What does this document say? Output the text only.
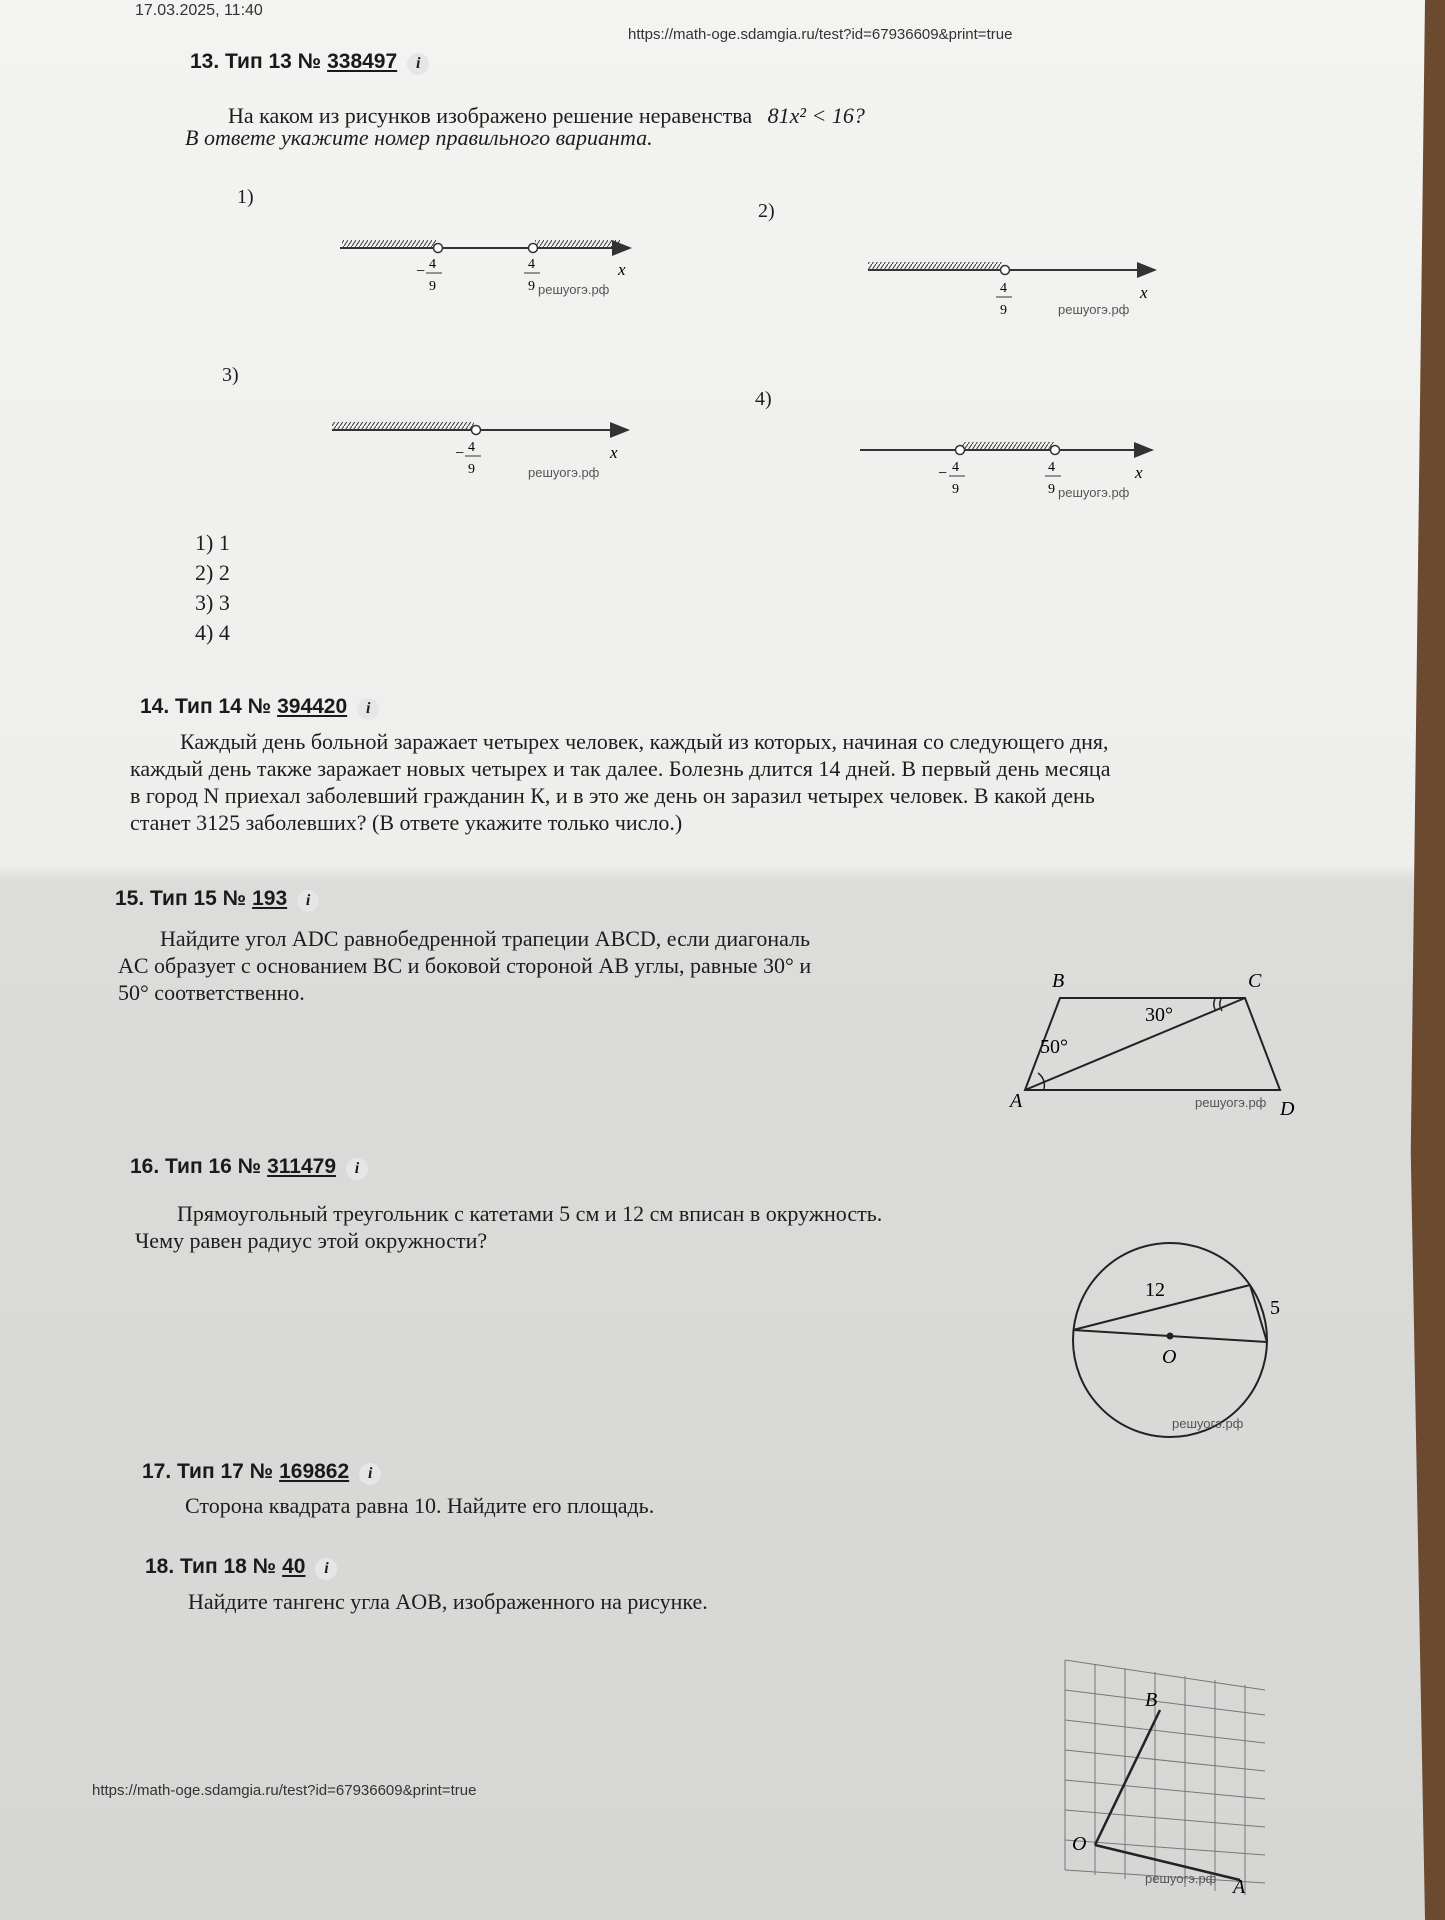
17.03.2025, 11:40
https://math-oge.sdamgia.ru/test?id=67936609&print=true
13. Тип 13 № 338497 i
На каком из рисунков изображено решение неравенства 81x² < 16?
В ответе укажите номер правильного варианта.
1)
2)
3)
4)
− 4
9
4
9
x
решуогэ.рф	4
9
x
решуогэ.рф
− 4
9
x
решуогэ.рф	− 4
9
4
9
x
решуогэ.рф
1) 1
2) 2
3) 3
4) 4
14. Тип 14 № 394420 i
Каждый день больной заражает четырех человек, каждый из которых, начиная со следующего дня,
каждый день также заражает новых четырех и так далее. Болезнь длится 14 дней. В первый день месяца
в город N приехал заболевший гражданин К, и в это же день он заразил четырех человек. В какой день
станет 3125 заболевших? (В ответе укажите только число.)
15. Тип 15 № 193 i
Найдите угол ADC равнобедренной трапеции ABCD, если диагональ
AC образует с основанием BC и боковой стороной AB углы, равные 30° и
50° соответственно.	B	C
A	D
30°
50°
решуогэ.рф
16. Тип 16 № 311479 i
Прямоугольный треугольник с катетами 5 см и 12 см вписан в окружность.
Чему равен радиус этой окружности?
12
5
O
решуогэ.рф
17. Тип 17 № 169862 i
Сторона квадрата равна 10. Найдите его площадь.
18. Тип 18 № 40 i
Найдите тангенс угла AOB, изображенного на рисунке.
O
B
A
решуогэ.рф
https://math-oge.sdamgia.ru/test?id=67936609&print=true
